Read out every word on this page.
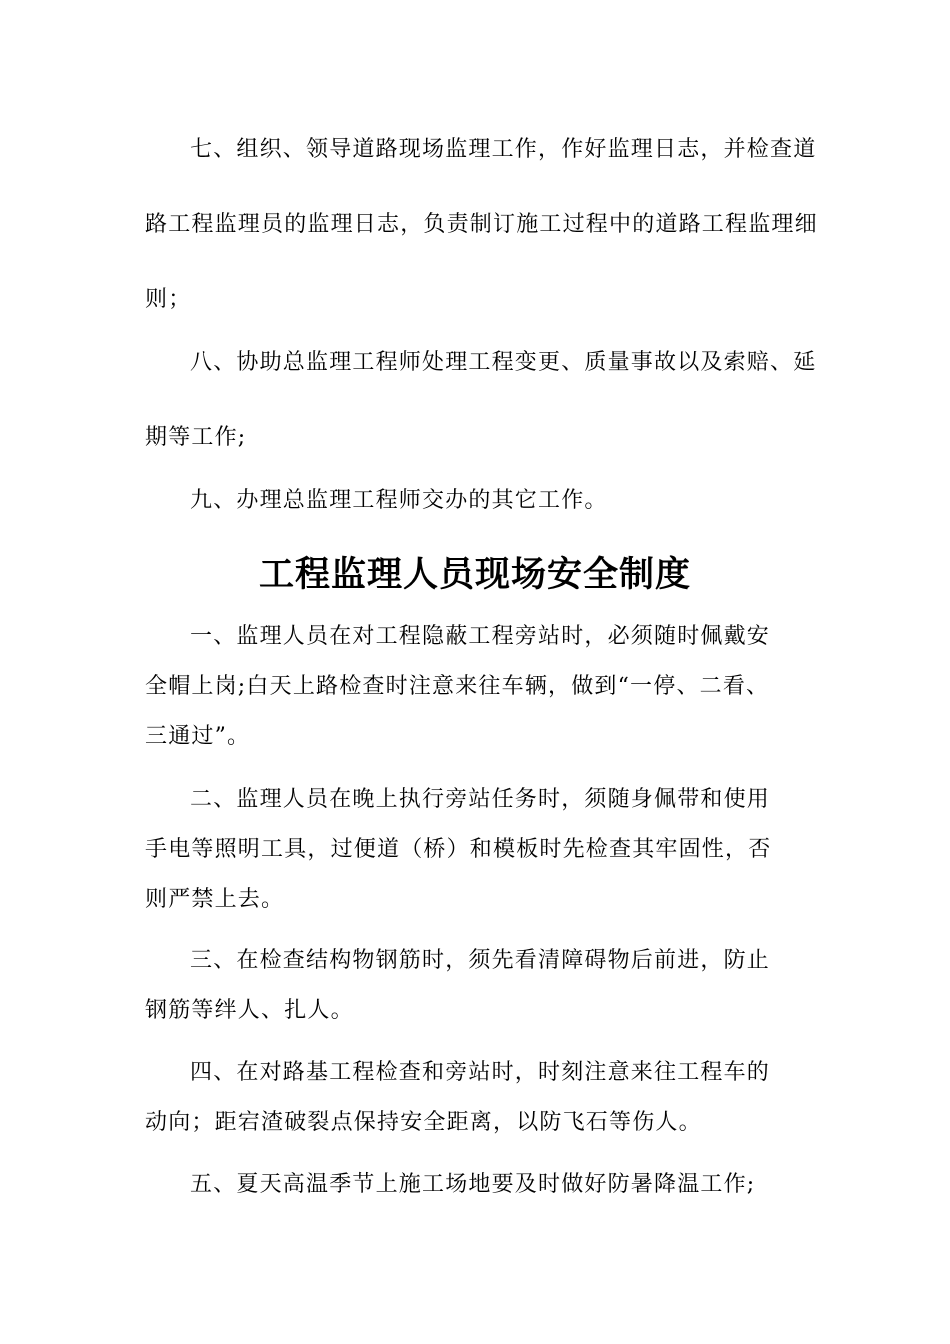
七、组织、领导道路现场监理工作，作好监理日志，并检查道
路工程监理员的监理日志，负责制订施工过程中的道路工程监理细
则；
八、协助总监理工程师处理工程变更、质量事故以及索赔、延
期等工作;
九、办理总监理工程师交办的其它工作。
工程监理人员现场安全制度
一、监理人员在对工程隐蔽工程旁站时，必须随时佩戴安
全帽上岗;白天上路检查时注意来往车辆，做到“一停、二看、
三通过”。
二、监理人员在晚上执行旁站任务时，须随身佩带和使用
手电等照明工具，过便道（桥）和模板时先检查其牢固性，否
则严禁上去。
三、在检查结构物钢筋时，须先看清障碍物后前进，防止
钢筋等绊人、扎人。
四、在对路基工程检查和旁站时，时刻注意来往工程车的
动向；距宕渣破裂点保持安全距离，以防飞石等伤人。
五、夏天高温季节上施工场地要及时做好防暑降温工作;
